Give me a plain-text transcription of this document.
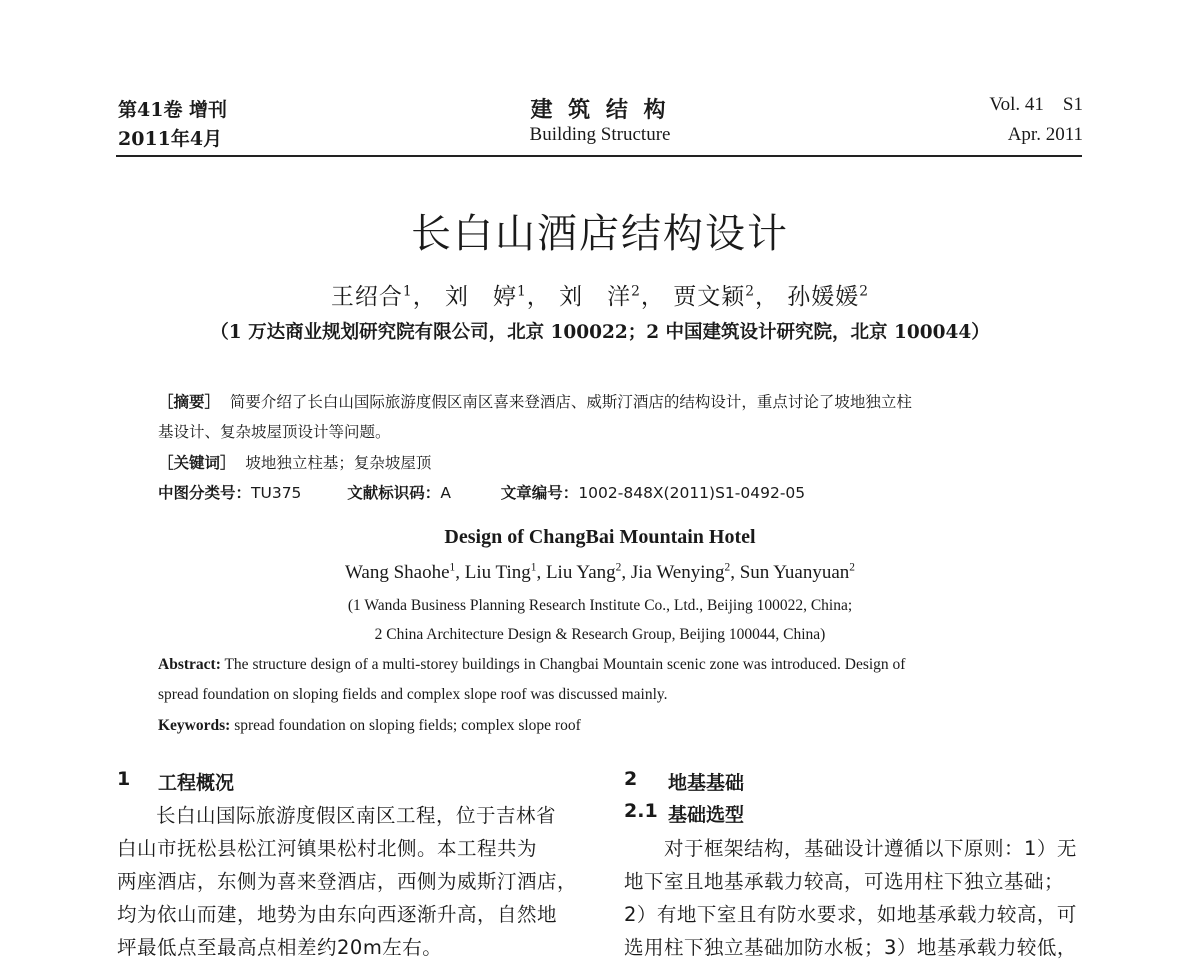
第41卷 增刊
2011年4月
建 筑 结 构
Building Structure
Vol. 41    S1
Apr. 2011
长白山酒店结构设计
王绍合$^1$， 刘　婷$^1$， 刘　洋$^2$， 贾文颖$^2$， 孙媛媛$^2$
（1 万达商业规划研究院有限公司，北京 100022；2 中国建筑设计研究院，北京 100044）
［摘要］ 简要介绍了长白山国际旅游度假区南区喜来登酒店、威斯汀酒店的结构设计，重点讨论了坡地独立柱
基设计、复杂坡屋顶设计等问题。
［关键词］ 坡地独立柱基；复杂坡屋顶
中图分类号：TU375	文献标识码：A	文章编号：1002-848X(2011)S1-0492-05
Design of ChangBai Mountain Hotel
Wang Shaohe$^1$, Liu Ting$^1$, Liu Yang$^2$, Jia Wenying$^2$, Sun Yuanyuan$^2$
(1 Wanda Business Planning Research Institute Co., Ltd., Beijing 100022, China;
2 China Architecture Design & Research Group, Beijing 100044, China)
Abstract: The structure design of a multi-storey buildings in Changbai Mountain scenic zone was introduced. Design of
spread foundation on sloping fields and complex slope roof was discussed mainly.
Keywords: spread foundation on sloping fields; complex slope roof
1 工程概况
长白山国际旅游度假区南区工程，位于吉林省
白山市抚松县松江河镇果松村北侧。本工程共为
两座酒店，东侧为喜来登酒店，西侧为威斯汀酒店，
均为依山而建，地势为由东向西逐渐升高，自然地
坪最低点至最高点相差约20m左右。
2 地基基础
2.1 基础选型
对于框架结构，基础设计遵循以下原则：1）无
地下室且地基承载力较高，可选用柱下独立基础；
2）有地下室且有防水要求，如地基承载力较高，可
选用柱下独立基础加防水板；3）地基承载力较低，
